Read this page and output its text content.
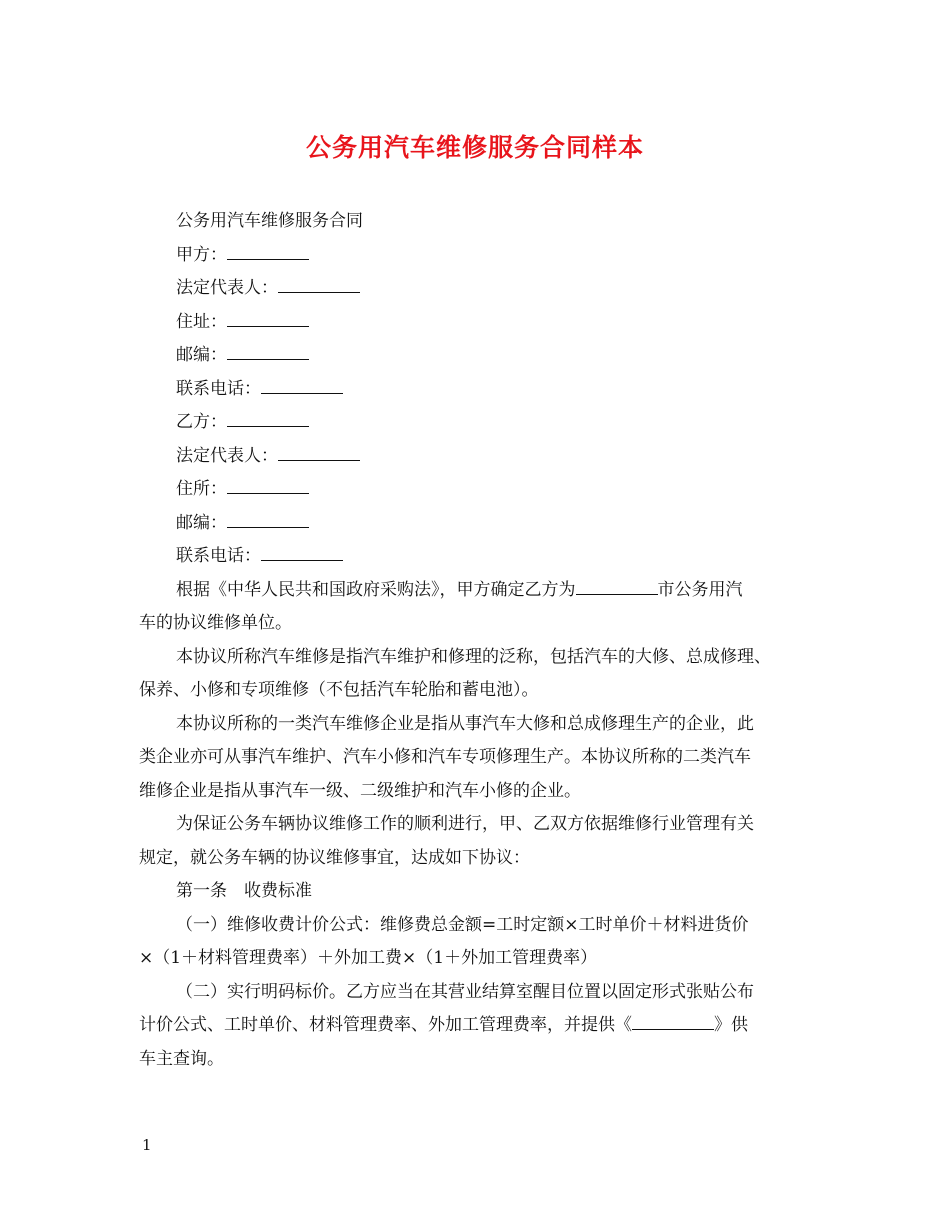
公务用汽车维修服务合同样本
公务用汽车维修服务合同
甲方：
法定代表人：
住址：
邮编：
联系电话：
乙方：
法定代表人：
住所：
邮编：
联系电话：
根据《中华人民共和国政府采购法》，甲方确定乙方为	市公务用汽
车的协议维修单位。
本协议所称汽车维修是指汽车维护和修理的泛称，包括汽车的大修、总成修理、
保养、小修和专项维修（不包括汽车轮胎和蓄电池）。
本协议所称的一类汽车维修企业是指从事汽车大修和总成修理生产的企业，此
类企业亦可从事汽车维护、汽车小修和汽车专项修理生产。本协议所称的二类汽车
维修企业是指从事汽车一级、二级维护和汽车小修的企业。
为保证公务车辆协议维修工作的顺利进行，甲、乙双方依据维修行业管理有关
规定，就公务车辆的协议维修事宜，达成如下协议：
第一条　收费标准
（一）维修收费计价公式：维修费总金额=工时定额×工时单价＋材料进货价
×（1＋材料管理费率）＋外加工费×（1＋外加工管理费率）
（二）实行明码标价。乙方应当在其营业结算室醒目位置以固定形式张贴公布
计价公式、工时单价、材料管理费率、外加工管理费率，并提供《	》供
车主查询。
1
